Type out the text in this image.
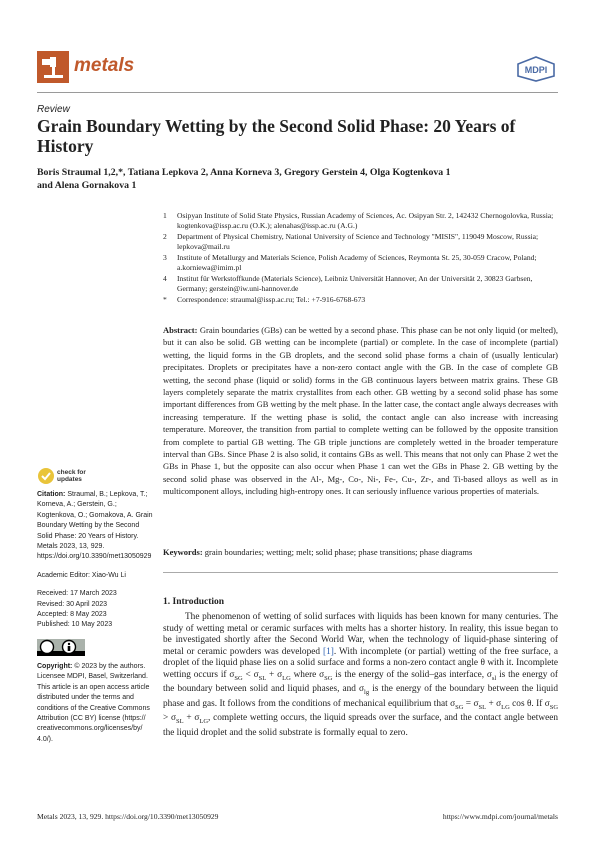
metals	MDPI
Review
Grain Boundary Wetting by the Second Solid Phase: 20 Years of History
Boris Straumal 1,2,*, Tatiana Lepkova 2, Anna Korneva 3, Gregory Gerstein 4, Olga Kogtenkova 1
and Alena Gornakova 1
1	Osipyan Institute of Solid State Physics, Russian Academy of Sciences, Ac. Osipyan Str. 2, 142432 Chernogolovka, Russia; kogtenkova@issp.ac.ru (O.K.); alenahas@issp.ac.ru (A.G.)
2	Department of Physical Chemistry, National University of Science and Technology "MISIS", 119049 Moscow, Russia; lepkova@mail.ru
3	Institute of Metallurgy and Materials Science, Polish Academy of Sciences, Reymonta St. 25, 30-059 Cracow, Poland; a.korniewa@imim.pl
4	Institut für Werkstoffkunde (Materials Science), Leibniz Universität Hannover, An der Universität 2, 30823 Garbsen, Germany; gerstein@iw.uni-hannover.de
*	Correspondence: straumal@issp.ac.ru; Tel.: +7-916-6768-673
Abstract: Grain boundaries (GBs) can be wetted by a second phase. This phase can be not only liquid (or melted), but it can also be solid. GB wetting can be incomplete (partial) or complete. In the case of incomplete (partial) wetting, the liquid forms in the GB droplets, and the second solid phase forms a chain of (usually lenticular) precipitates. Droplets or precipitates have a non-zero contact angle with the GB. In the case of complete GB wetting, the second phase (liquid or solid) forms in the GB continuous layers between matrix grains. These GB layers completely separate the matrix crystallites from each other. GB wetting by a second solid phase has some important differences from GB wetting by the melt phase. In the latter case, the contact angle always decreases with increasing temperature. If the wetting phase is solid, the contact angle can also increase with increasing temperature. Moreover, the transition from partial to complete wetting can be followed by the opposite transition from complete to partial GB wetting. The GB triple junctions are completely wetted in the broader temperature interval than GBs. Since Phase 2 is also solid, it contains GBs as well. This means that not only can Phase 2 wet the GBs in Phase 1, but the opposite can also occur when Phase 1 can wet the GBs in Phase 2. GB wetting by the second solid phase was observed in the Al-, Mg-, Co-, Ni-, Fe-, Cu-, Zr-, and Ti-based alloys as well as in multicomponent alloys, including high-entropy ones. It can seriously influence various properties of materials.
Keywords: grain boundaries; wetting; melt; solid phase; phase transitions; phase diagrams
1. Introduction
The phenomenon of wetting of solid surfaces with liquids has been known for many centuries. The study of wetting metal or ceramic surfaces with melts has a shorter history. In reality, this issue began to be investigated shortly after the Second World War, when the technology of liquid-phase sintering of metal or ceramic powders was developed [1]. With incomplete (or partial) wetting of the free surface, a droplet of the liquid phase lies on a solid surface and forms a non-zero contact angle θ with it. Incomplete wetting occurs if $\sigma_{SG} < \sigma_{SL} + \sigma_{LG}$ where $\sigma_{SG}$ is the energy of the solid–gas interface, $\sigma_{sl}$ is the energy of the boundary between solid and liquid phases, and $\sigma_{lg}$ is the energy of the boundary between the liquid phase and gas. It follows from the conditions of mechanical equilibrium that $\sigma_{SG} = \sigma_{SL} + \sigma_{LG}$ cos θ. If $\sigma_{SG} > \sigma_{SL} + \sigma_{LG}$, complete wetting occurs, the liquid spreads over the surface, and the contact angle between the liquid droplet and the solid substrate is formally equal to zero.
check for updates
Citation: Straumal, B.; Lepkova, T.; Korneva, A.; Gerstein, G.; Kogtenkova, O.; Gornakova, A. Grain Boundary Wetting by the Second Solid Phase: 20 Years of History. Metals 2023, 13, 929. https://doi.org/10.3390/met13050929
Academic Editor: Xiao-Wu Li
Received: 17 March 2023
Revised: 30 April 2023
Accepted: 8 May 2023
Published: 10 May 2023
Copyright: © 2023 by the authors. Licensee MDPI, Basel, Switzerland. This article is an open access article distributed under the terms and conditions of the Creative Commons Attribution (CC BY) license (https:// creativecommons.org/licenses/by/ 4.0/).
Metals 2023, 13, 929. https://doi.org/10.3390/met13050929	https://www.mdpi.com/journal/metals
